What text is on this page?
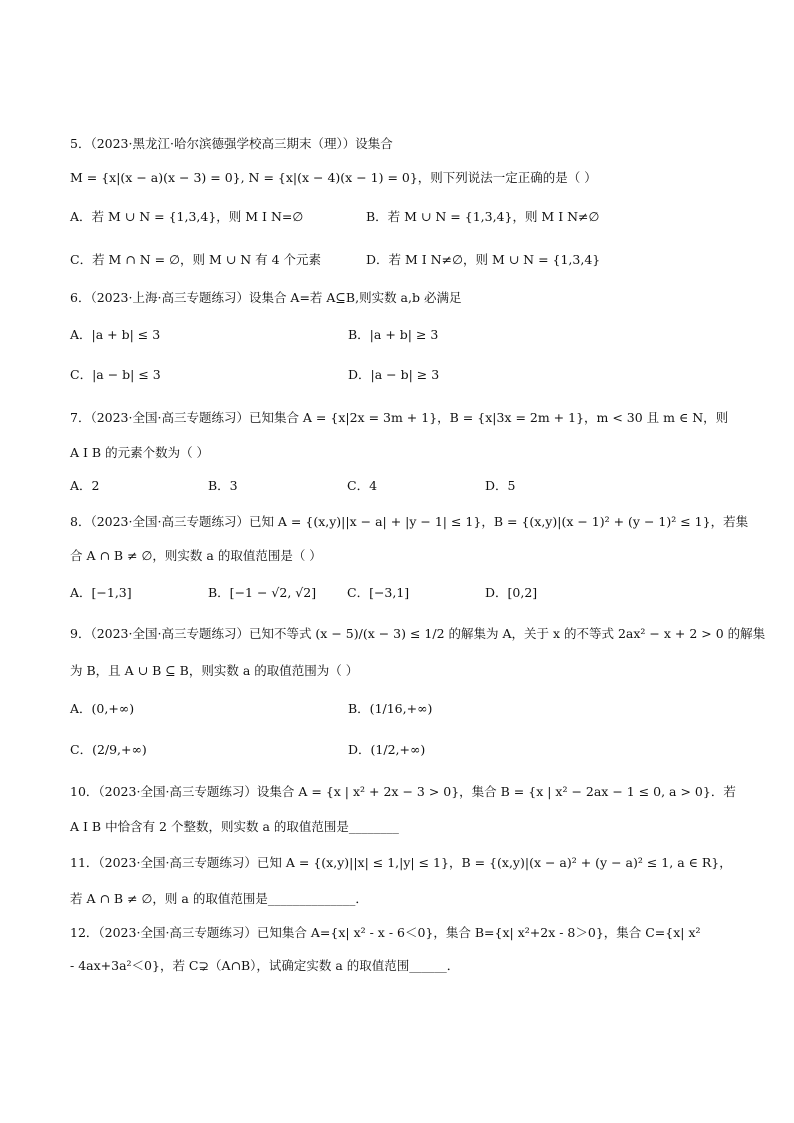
5．（2023·黑龙江·哈尔滨德强学校高三期末（理））设集合
M = {x|(x − a)(x − 3) = 0}, N = {x|(x − 4)(x − 1) = 0}，则下列说法一定正确的是（ ）
A．若 M ∪ N = {1,3,4}，则 M I N=∅	B．若 M ∪ N = {1,3,4}，则 M I N≠∅
C．若 M ∩ N = ∅，则 M ∪ N 有 4 个元素	D．若 M I N≠∅，则 M ∪ N = {1,3,4}
6．（2023·上海·高三专题练习）设集合 A=若 A⊆B,则实数 a,b 必满足
A．|a + b| ≤ 3	B．|a + b| ≥ 3
C．|a − b| ≤ 3	D．|a − b| ≥ 3
7．（2023·全国·高三专题练习）已知集合 A = {x|2x = 3m + 1}，B = {x|3x = 2m + 1}，m < 30 且 m ∈ N，则
A I B 的元素个数为（ ）
A．2	B．3	C．4	D．5
8．（2023·全国·高三专题练习）已知 A = {(x,y)||x − a| + |y − 1| ≤ 1}，B = {(x,y)|(x − 1)² + (y − 1)² ≤ 1}，若集
合 A ∩ B ≠ ∅，则实数 a 的取值范围是（ ）
A．[−1,3]	B．[−1 − √2, √2] C．[−3,1]	D．[0,2]
9．（2023·全国·高三专题练习）已知不等式 (x − 5)/(x − 3) ≤ 1/2 的解集为 A，关于 x 的不等式 2ax² − x + 2 > 0 的解集
为 B，且 A ∪ B ⊆ B，则实数 a 的取值范围为（ ）
A．(0,+∞)	B．(1/16,+∞)
C．(2/9,+∞)	D．(1/2,+∞)
10．（2023·全国·高三专题练习）设集合 A = {x | x² + 2x − 3 > 0}，集合 B = {x | x² − 2ax − 1 ≤ 0, a > 0}．若
A I B 中恰含有 2 个整数，则实数 a 的取值范围是________
11．（2023·全国·高三专题练习）已知 A = {(x,y)||x| ≤ 1,|y| ≤ 1}，B = {(x,y)|(x − a)² + (y − a)² ≤ 1, a ∈ R}，
若 A ∩ B ≠ ∅，则 a 的取值范围是______________．
12．（2023·全国·高三专题练习）已知集合 A={x| x² - x - 6＜0}，集合 B={x| x²+2x - 8＞0}，集合 C={x| x²
- 4ax+3a²＜0}，若 C⊋（A∩B），试确定实数 a 的取值范围______．
